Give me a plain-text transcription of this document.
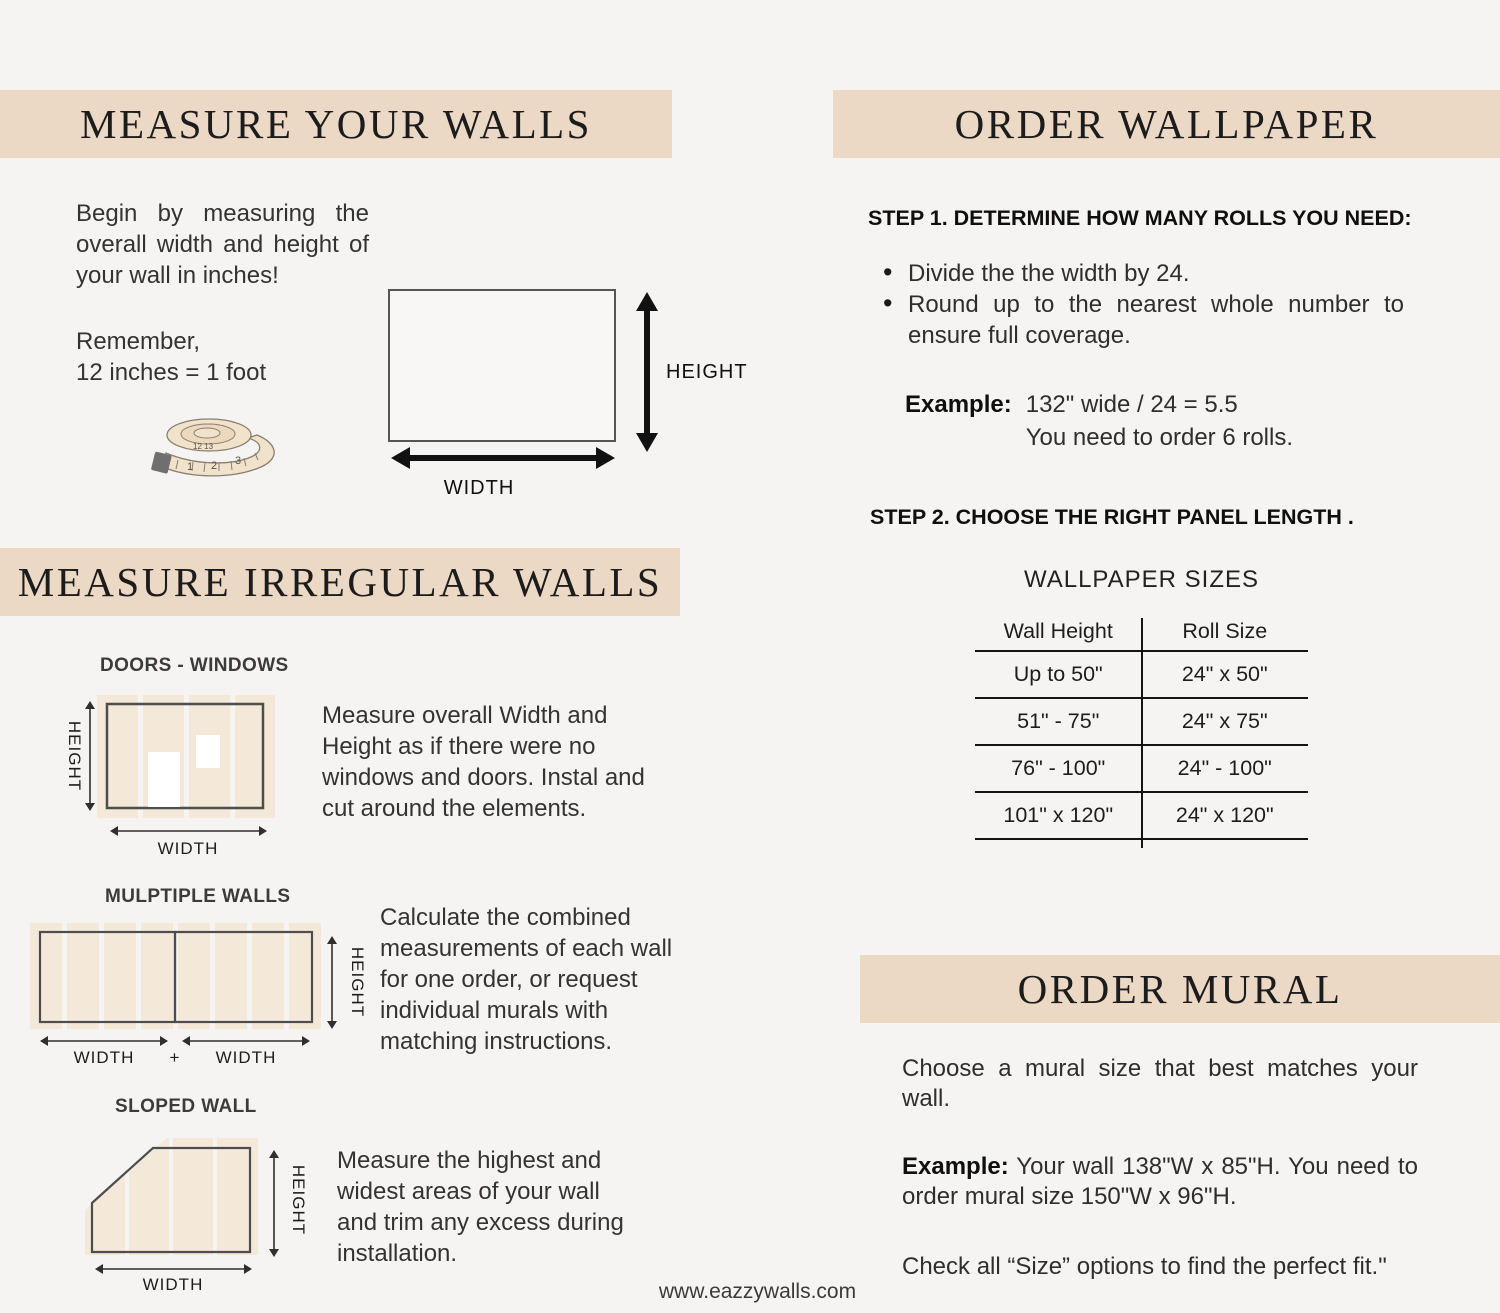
MEASURE YOUR WALLS
Begin by measuring the overall width and height of your wall in inches!
Remember,
12 inches = 1 foot
1 2 3
12 13
HEIGHT
WIDTH
MEASURE IRREGULAR WALLS
DOORS - WINDOWS
HEIGHT
WIDTH
Measure overall Width and Height as if there were no windows and doors. Instal and cut around the elements.
MULPTIPLE WALLS
HEIGHT
WIDTH + WIDTH
Calculate the combined measurements of each wall for one order, or request individual murals with matching instructions.
SLOPED WALL
HEIGHT
WIDTH
Measure the highest and widest areas of your wall and trim any excess during installation.
ORDER WALLPAPER
STEP 1. DETERMINE HOW MANY ROLLS YOU NEED:
• Divide the the width by 24.
• Round up to the nearest whole number to ensure full coverage.
Example: 132" wide / 24 = 5.5
You need to order 6 rolls.
STEP 2. CHOOSE THE RIGHT PANEL LENGTH .
WALLPAPER SIZES
Wall Height	Roll Size
Up to 50"	24" x 50"
51" - 75"	24" x 75"
76" - 100"	24" - 100"
101" x 120"	24" x 120"
ORDER MURAL

Choose a mural size that best matches your wall.

Example: Your wall 138"W x 85"H. You need to order mural size 150"W x 96"H.

Check all “Size” options to find the perfect fit."

www.eazzywalls.com
